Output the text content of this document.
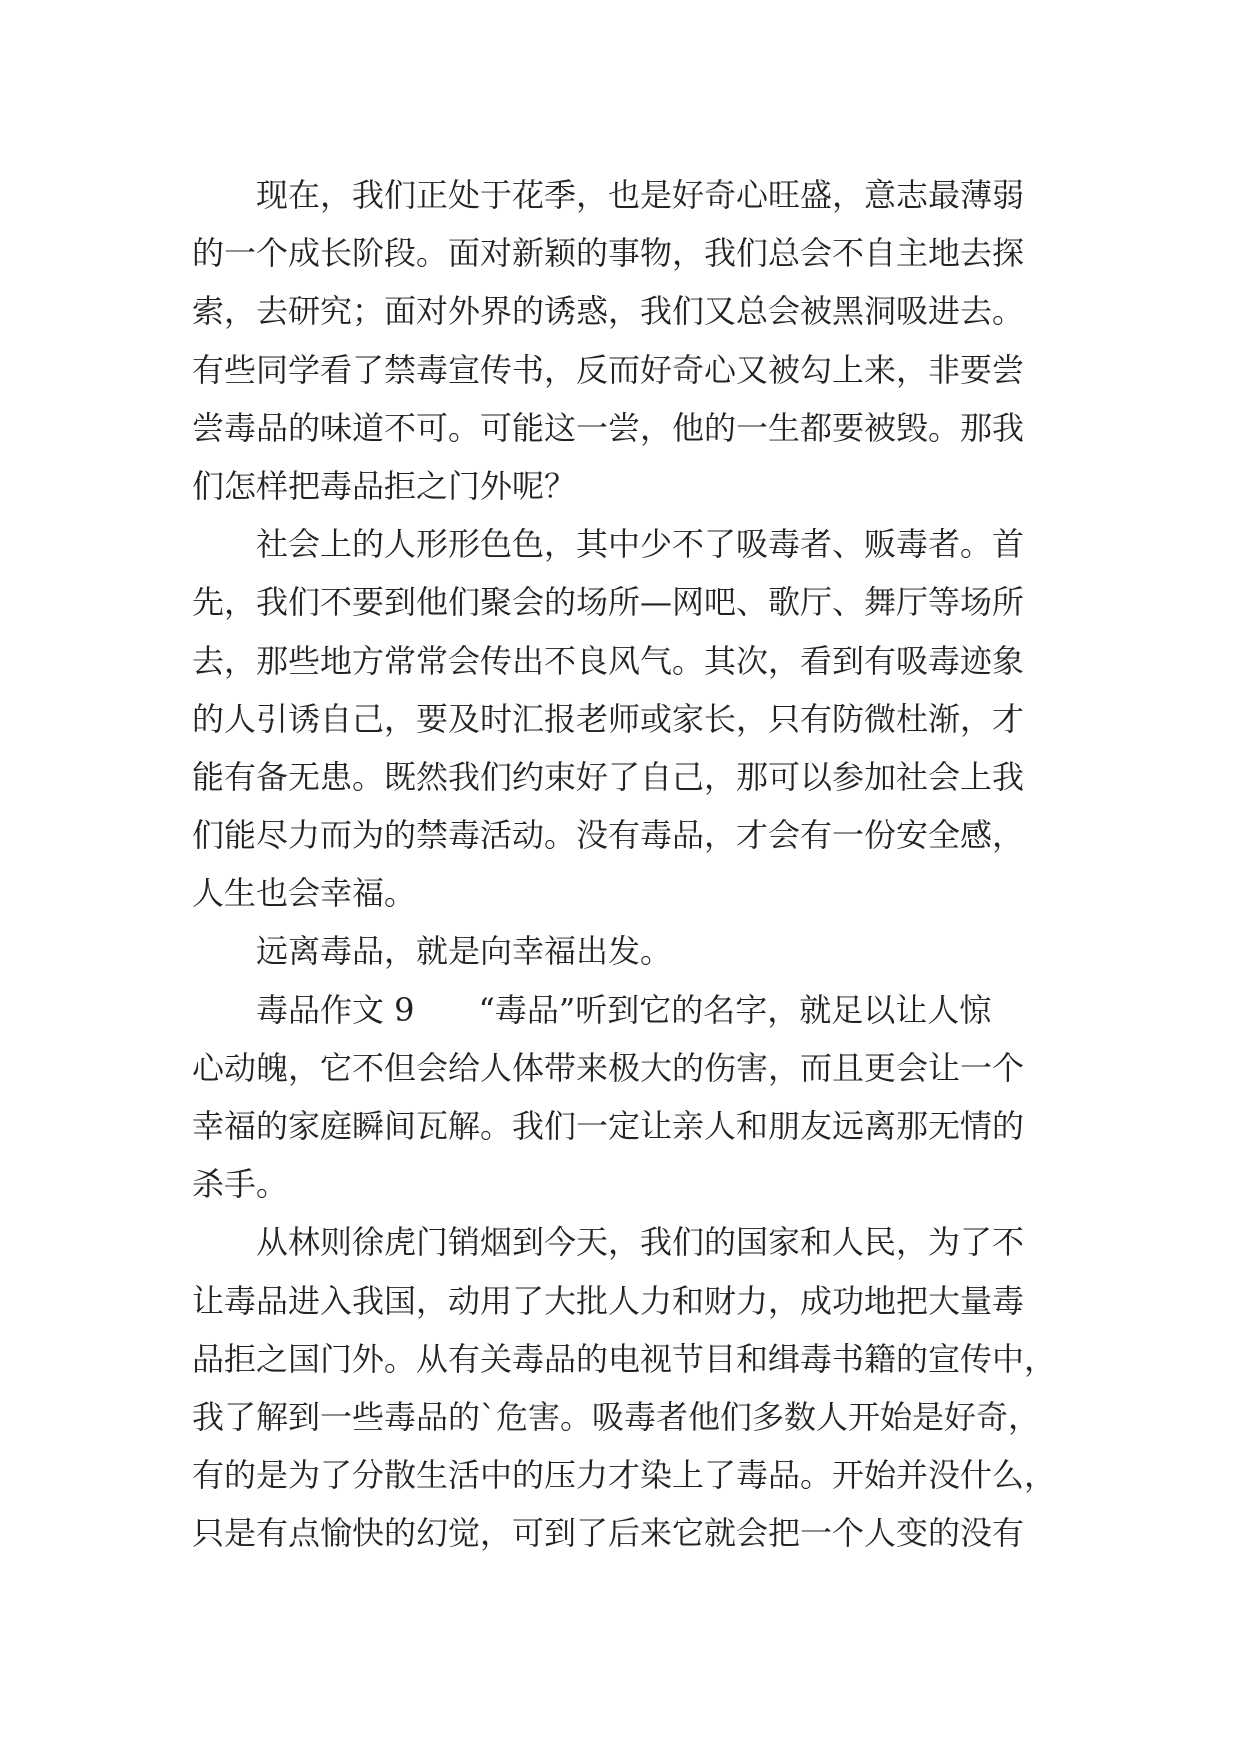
现在，我们正处于花季，也是好奇心旺盛，意志最薄弱
的一个成长阶段。面对新颖的事物，我们总会不自主地去探
索，去研究；面对外界的诱惑，我们又总会被黑洞吸进去。
有些同学看了禁毒宣传书，反而好奇心又被勾上来，非要尝
尝毒品的味道不可。可能这一尝，他的一生都要被毁。那我
们怎样把毒品拒之门外呢？
社会上的人形形色色，其中少不了吸毒者、贩毒者。首
先，我们不要到他们聚会的场所—网吧、歌厅、舞厅等场所
去，那些地方常常会传出不良风气。其次，看到有吸毒迹象
的人引诱自己，要及时汇报老师或家长，只有防微杜渐，才
能有备无患。既然我们约束好了自己，那可以参加社会上我
们能尽力而为的禁毒活动。没有毒品，才会有一份安全感，
人生也会幸福。
远离毒品，就是向幸福出发。
毒品作文 9　　“毒品”听到它的名字，就足以让人惊
心动魄，它不但会给人体带来极大的伤害，而且更会让一个
幸福的家庭瞬间瓦解。我们一定让亲人和朋友远离那无情的
杀手。
从林则徐虎门销烟到今天，我们的国家和人民，为了不
让毒品进入我国，动用了大批人力和财力，成功地把大量毒
品拒之国门外。从有关毒品的电视节目和缉毒书籍的宣传中，
我了解到一些毒品的`危害。吸毒者他们多数人开始是好奇，
有的是为了分散生活中的压力才染上了毒品。开始并没什么，
只是有点愉快的幻觉，可到了后来它就会把一个人变的没有
